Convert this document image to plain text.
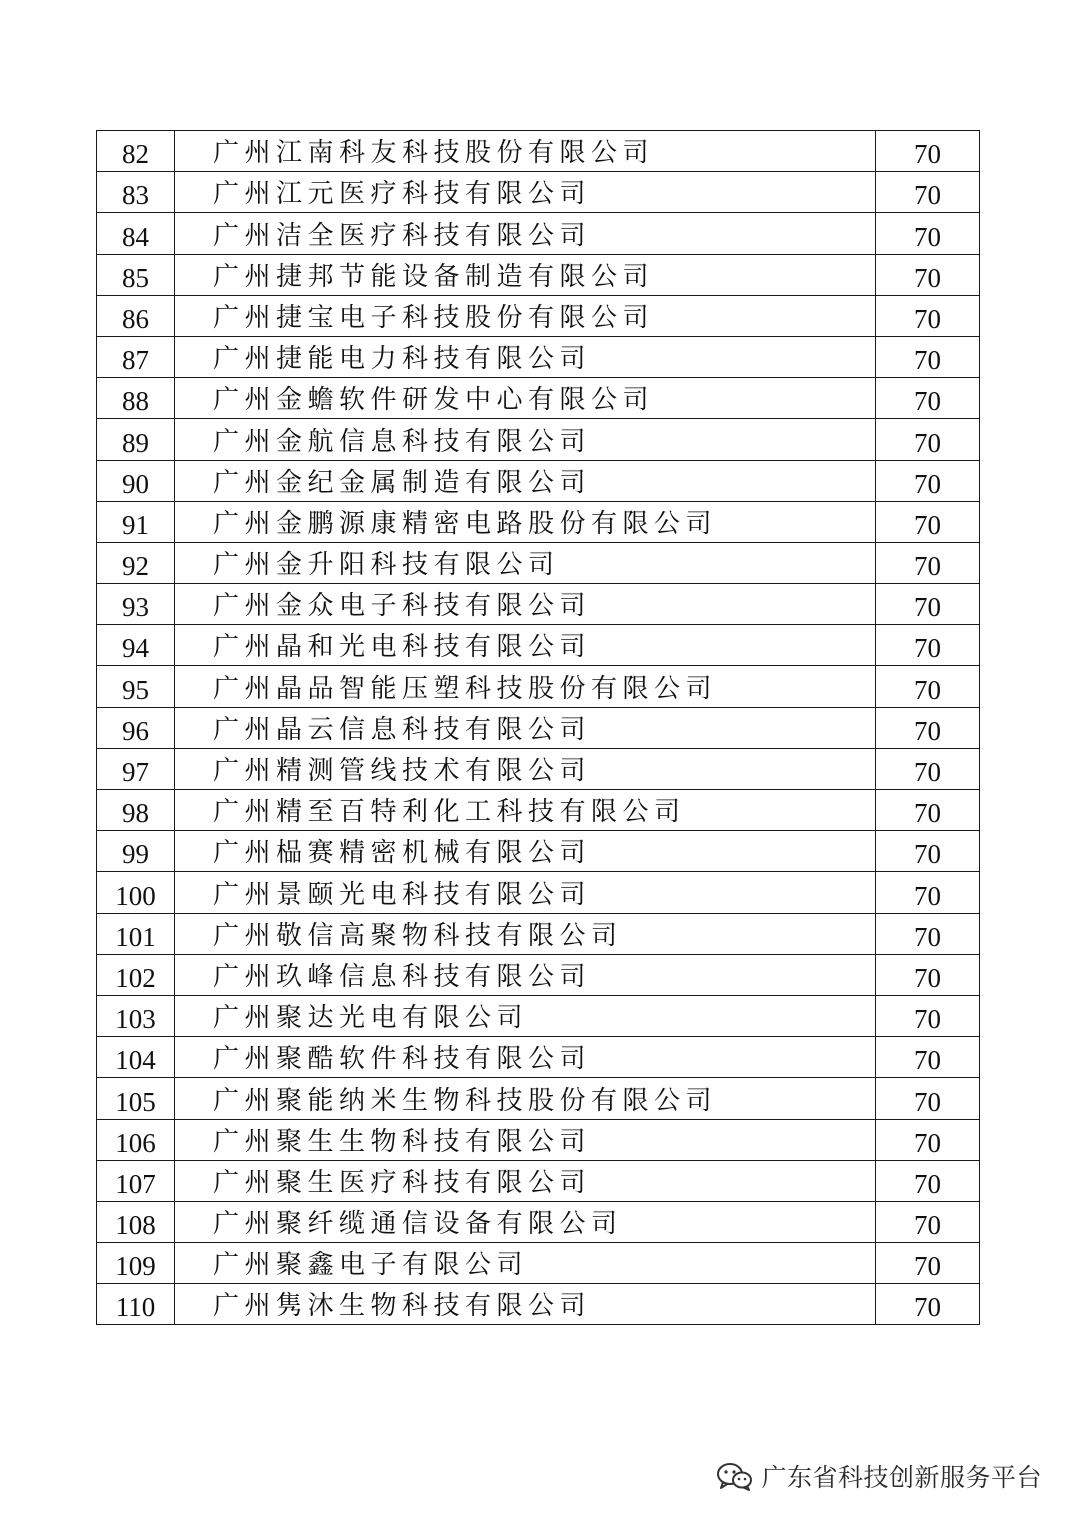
82	广州江南科友科技股份有限公司	70
83	广州江元医疗科技有限公司	70
84	广州洁全医疗科技有限公司	70
85	广州捷邦节能设备制造有限公司	70
86	广州捷宝电子科技股份有限公司	70
87	广州捷能电力科技有限公司	70
88	广州金蟾软件研发中心有限公司	70
89	广州金航信息科技有限公司	70
90	广州金纪金属制造有限公司	70
91	广州金鹏源康精密电路股份有限公司	70
92	广州金升阳科技有限公司	70
93	广州金众电子科技有限公司	70
94	广州晶和光电科技有限公司	70
95	广州晶品智能压塑科技股份有限公司	70
96	广州晶云信息科技有限公司	70
97	广州精测管线技术有限公司	70
98	广州精至百特利化工科技有限公司	70
99	广州榀赛精密机械有限公司	70
100	广州景颐光电科技有限公司	70
101	广州敬信高聚物科技有限公司	70
102	广州玖峰信息科技有限公司	70
103	广州聚达光电有限公司	70
104	广州聚酷软件科技有限公司	70
105	广州聚能纳米生物科技股份有限公司	70
106	广州聚生生物科技有限公司	70
107	广州聚生医疗科技有限公司	70
108	广州聚纤缆通信设备有限公司	70
109	广州聚鑫电子有限公司	70
110	广州隽沐生物科技有限公司	70
广东省科技创新服务平台
